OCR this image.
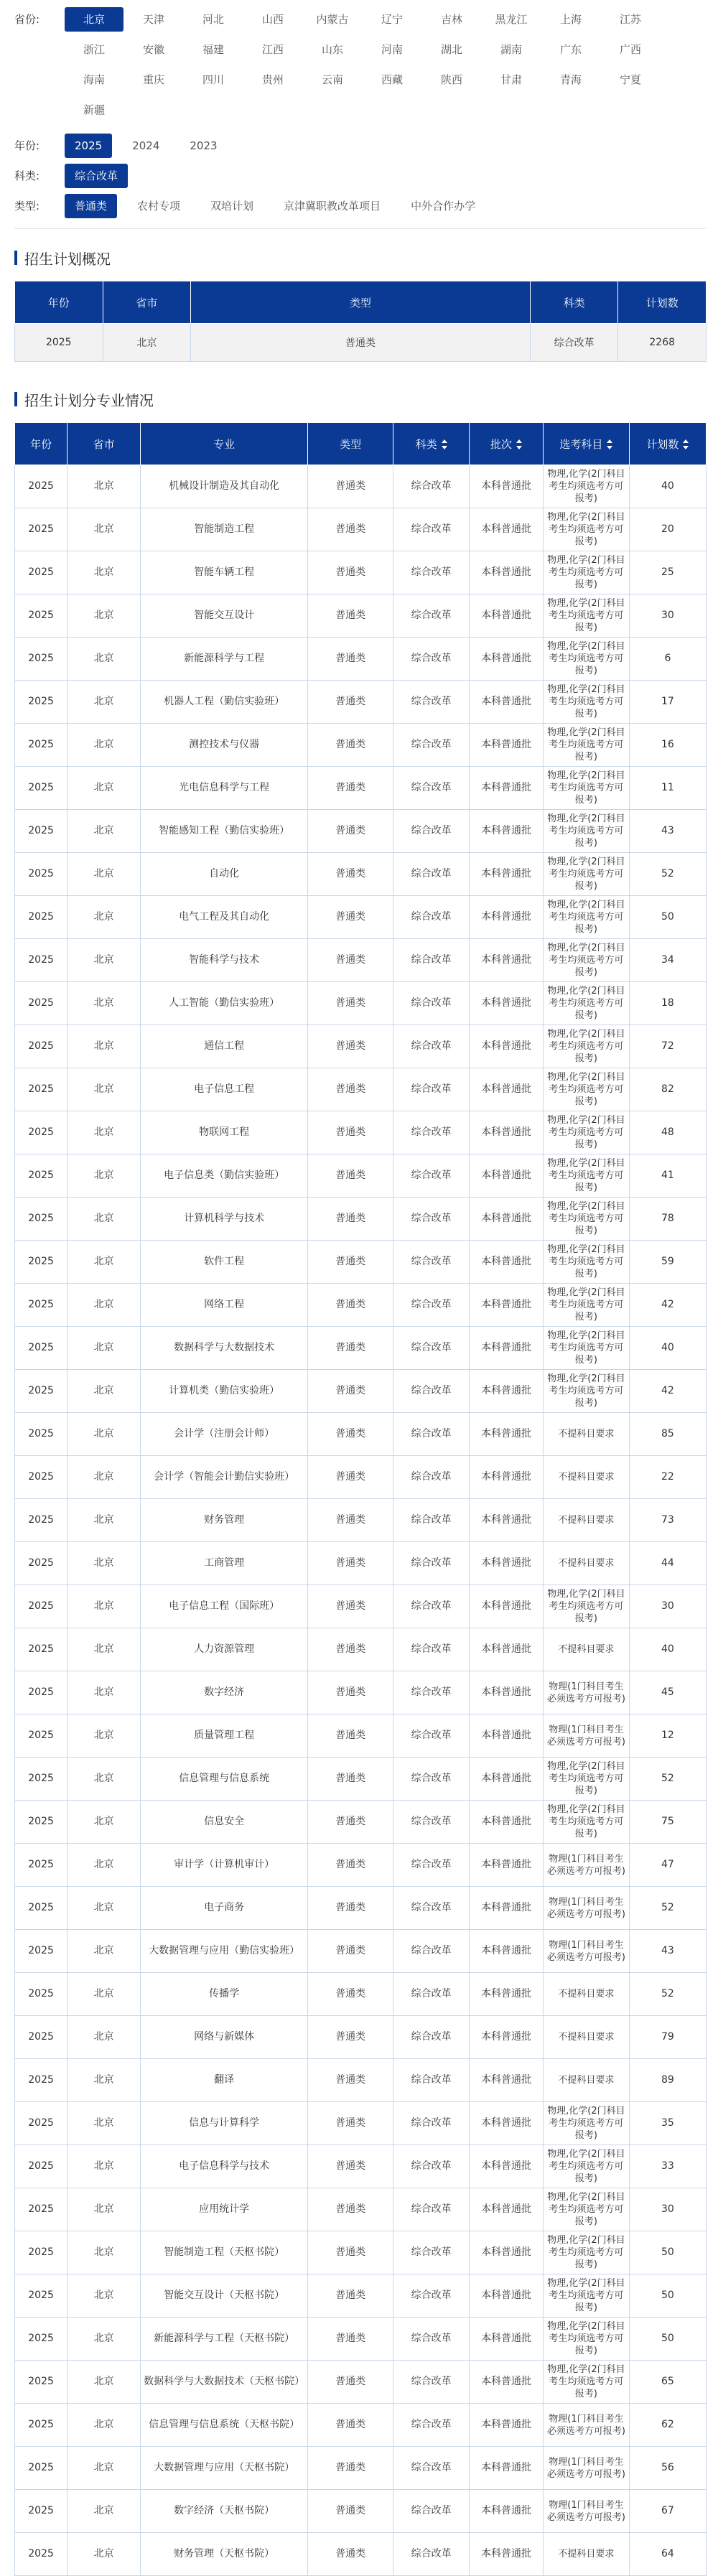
省份:	北京	天津	河北	山西	内蒙古	辽宁	吉林	黑龙江	上海	江苏
浙江	安徽	福建	江西	山东	河南	湖北	湖南	广东	广西
海南	重庆	四川	贵州	云南	西藏	陕西	甘肃	青海	宁夏
新疆
年份:	2025	2024	2023
科类:	综合改革
类型:	普通类	农村专项	双培计划	京津冀职教改革项目	中外合作办学
招生计划概况
年份	省市	类型	科类	计划数
2025	北京	普通类	综合改革	2268
招生计划分专业情况
年份	省市	专业	类型	科类	批次	选考科目	计划数
2025	北京	机械设计制造及其自动化	普通类	综合改革	本科普通批	物理,化学(2门科目考生均须选考方可报考)	40
2025	北京	智能制造工程	普通类	综合改革	本科普通批	物理,化学(2门科目考生均须选考方可报考)	20
2025	北京	智能车辆工程	普通类	综合改革	本科普通批	物理,化学(2门科目考生均须选考方可报考)	25
2025	北京	智能交互设计	普通类	综合改革	本科普通批	物理,化学(2门科目考生均须选考方可报考)	30
2025	北京	新能源科学与工程	普通类	综合改革	本科普通批	物理,化学(2门科目考生均须选考方可报考)	6
2025	北京	机器人工程（勤信实验班）	普通类	综合改革	本科普通批	物理,化学(2门科目考生均须选考方可报考)	17
2025	北京	测控技术与仪器	普通类	综合改革	本科普通批	物理,化学(2门科目考生均须选考方可报考)	16
2025	北京	光电信息科学与工程	普通类	综合改革	本科普通批	物理,化学(2门科目考生均须选考方可报考)	11
2025	北京	智能感知工程（勤信实验班）	普通类	综合改革	本科普通批	物理,化学(2门科目考生均须选考方可报考)	43
2025	北京	自动化	普通类	综合改革	本科普通批	物理,化学(2门科目考生均须选考方可报考)	52
2025	北京	电气工程及其自动化	普通类	综合改革	本科普通批	物理,化学(2门科目考生均须选考方可报考)	50
2025	北京	智能科学与技术	普通类	综合改革	本科普通批	物理,化学(2门科目考生均须选考方可报考)	34
2025	北京	人工智能（勤信实验班）	普通类	综合改革	本科普通批	物理,化学(2门科目考生均须选考方可报考)	18
2025	北京	通信工程	普通类	综合改革	本科普通批	物理,化学(2门科目考生均须选考方可报考)	72
2025	北京	电子信息工程	普通类	综合改革	本科普通批	物理,化学(2门科目考生均须选考方可报考)	82
2025	北京	物联网工程	普通类	综合改革	本科普通批	物理,化学(2门科目考生均须选考方可报考)	48
2025	北京	电子信息类（勤信实验班）	普通类	综合改革	本科普通批	物理,化学(2门科目考生均须选考方可报考)	41
2025	北京	计算机科学与技术	普通类	综合改革	本科普通批	物理,化学(2门科目考生均须选考方可报考)	78
2025	北京	软件工程	普通类	综合改革	本科普通批	物理,化学(2门科目考生均须选考方可报考)	59
2025	北京	网络工程	普通类	综合改革	本科普通批	物理,化学(2门科目考生均须选考方可报考)	42
2025	北京	数据科学与大数据技术	普通类	综合改革	本科普通批	物理,化学(2门科目考生均须选考方可报考)	40
2025	北京	计算机类（勤信实验班）	普通类	综合改革	本科普通批	物理,化学(2门科目考生均须选考方可报考)	42
2025	北京	会计学（注册会计师）	普通类	综合改革	本科普通批	不提科目要求	85
2025	北京	会计学（智能会计勤信实验班）	普通类	综合改革	本科普通批	不提科目要求	22
2025	北京	财务管理	普通类	综合改革	本科普通批	不提科目要求	73
2025	北京	工商管理	普通类	综合改革	本科普通批	不提科目要求	44
2025	北京	电子信息工程（国际班）	普通类	综合改革	本科普通批	物理,化学(2门科目考生均须选考方可报考)	30
2025	北京	人力资源管理	普通类	综合改革	本科普通批	不提科目要求	40
2025	北京	数字经济	普通类	综合改革	本科普通批	物理(1门科目考生必须选考方可报考)	45
2025	北京	质量管理工程	普通类	综合改革	本科普通批	物理(1门科目考生必须选考方可报考)	12
2025	北京	信息管理与信息系统	普通类	综合改革	本科普通批	物理,化学(2门科目考生均须选考方可报考)	52
2025	北京	信息安全	普通类	综合改革	本科普通批	物理,化学(2门科目考生均须选考方可报考)	75
2025	北京	审计学（计算机审计）	普通类	综合改革	本科普通批	物理(1门科目考生必须选考方可报考)	47
2025	北京	电子商务	普通类	综合改革	本科普通批	物理(1门科目考生必须选考方可报考)	52
2025	北京	大数据管理与应用（勤信实验班）	普通类	综合改革	本科普通批	物理(1门科目考生必须选考方可报考)	43
2025	北京	传播学	普通类	综合改革	本科普通批	不提科目要求	52
2025	北京	网络与新媒体	普通类	综合改革	本科普通批	不提科目要求	79
2025	北京	翻译	普通类	综合改革	本科普通批	不提科目要求	89
2025	北京	信息与计算科学	普通类	综合改革	本科普通批	物理,化学(2门科目考生均须选考方可报考)	35
2025	北京	电子信息科学与技术	普通类	综合改革	本科普通批	物理,化学(2门科目考生均须选考方可报考)	33
2025	北京	应用统计学	普通类	综合改革	本科普通批	物理,化学(2门科目考生均须选考方可报考)	30
2025	北京	智能制造工程（天枢书院）	普通类	综合改革	本科普通批	物理,化学(2门科目考生均须选考方可报考)	50
2025	北京	智能交互设计（天枢书院）	普通类	综合改革	本科普通批	物理,化学(2门科目考生均须选考方可报考)	50
2025	北京	新能源科学与工程（天枢书院）	普通类	综合改革	本科普通批	物理,化学(2门科目考生均须选考方可报考)	50
2025	北京	数据科学与大数据技术（天枢书院）	普通类	综合改革	本科普通批	物理,化学(2门科目考生均须选考方可报考)	65
2025	北京	信息管理与信息系统（天枢书院）	普通类	综合改革	本科普通批	物理(1门科目考生必须选考方可报考)	62
2025	北京	大数据管理与应用（天枢书院）	普通类	综合改革	本科普通批	物理(1门科目考生必须选考方可报考)	56
2025	北京	数字经济（天枢书院）	普通类	综合改革	本科普通批	物理(1门科目考生必须选考方可报考)	67
2025	北京	财务管理（天枢书院）	普通类	综合改革	本科普通批	不提科目要求	64
